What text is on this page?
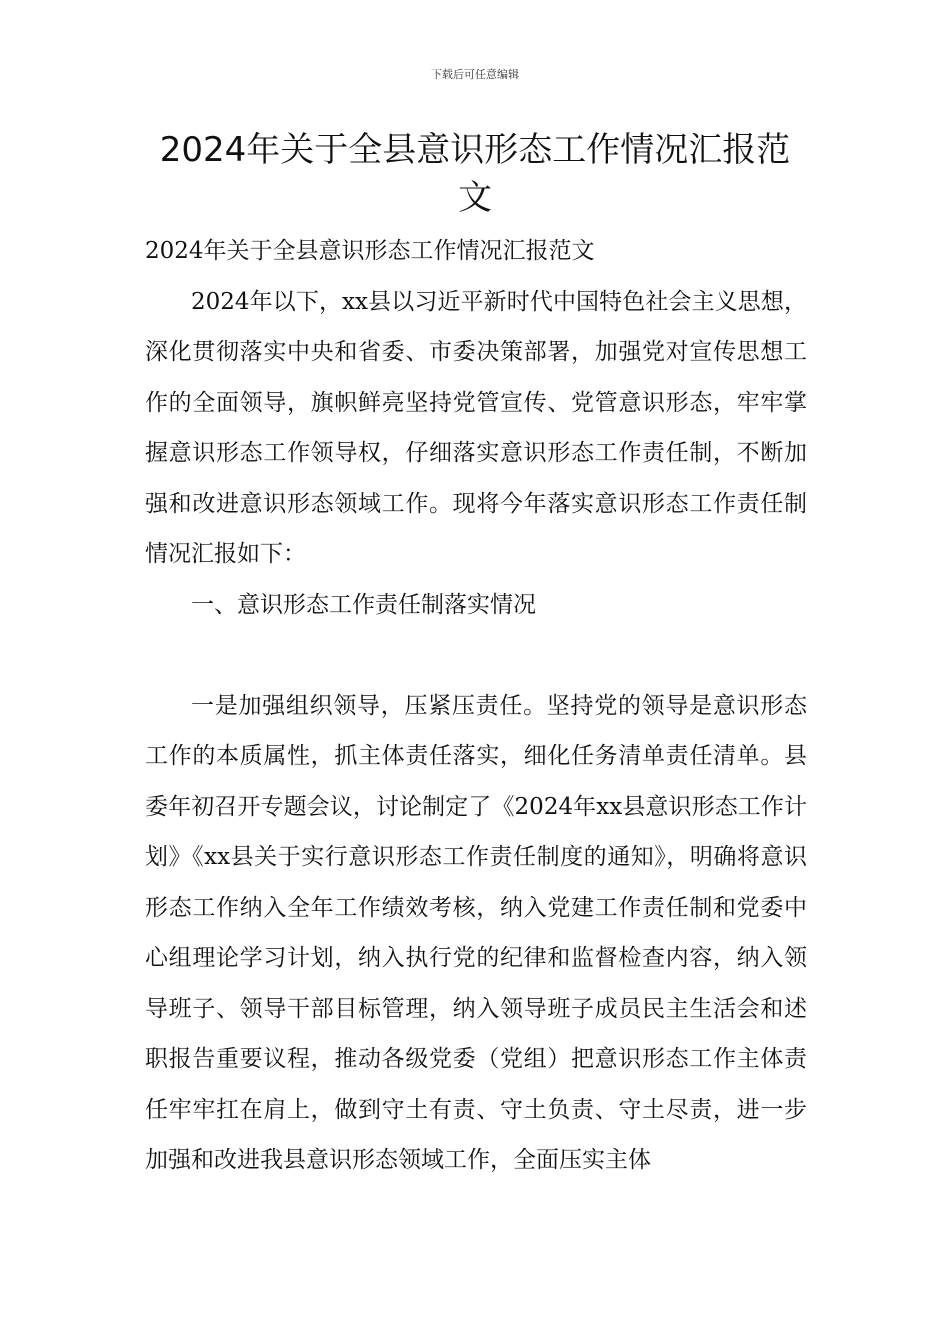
下载后可任意编辑
2024年关于全县意识形态工作情况汇报范文

2024年关于全县意识形态工作情况汇报范文

2024年以下，xx县以习近平新时代中国特色社会主义思想，深化贯彻落实中央和省委、市委决策部署，加强党对宣传思想工作的全面领导，旗帜鲜亮坚持党管宣传、党管意识形态，牢牢掌握意识形态工作领导权，仔细落实意识形态工作责任制，不断加强和改进意识形态领域工作。现将今年落实意识形态工作责任制情况汇报如下：

一、意识形态工作责任制落实情况

一是加强组织领导，压紧压责任。坚持党的领导是意识形态工作的本质属性，抓主体责任落实，细化任务清单责任清单。县委年初召开专题会议，讨论制定了《2024年xx县意识形态工作计划》《xx县关于实行意识形态工作责任制度的通知》，明确将意识形态工作纳入全年工作绩效考核，纳入党建工作责任制和党委中心组理论学习计划，纳入执行党的纪律和监督检查内容，纳入领导班子、领导干部目标管理，纳入领导班子成员民主生活会和述职报告重要议程，推动各级党委（党组）把意识形态工作主体责任牢牢扛在肩上，做到守土有责、守土负责、守土尽责，进一步加强和改进我县意识形态领域工作，全面压实主体
